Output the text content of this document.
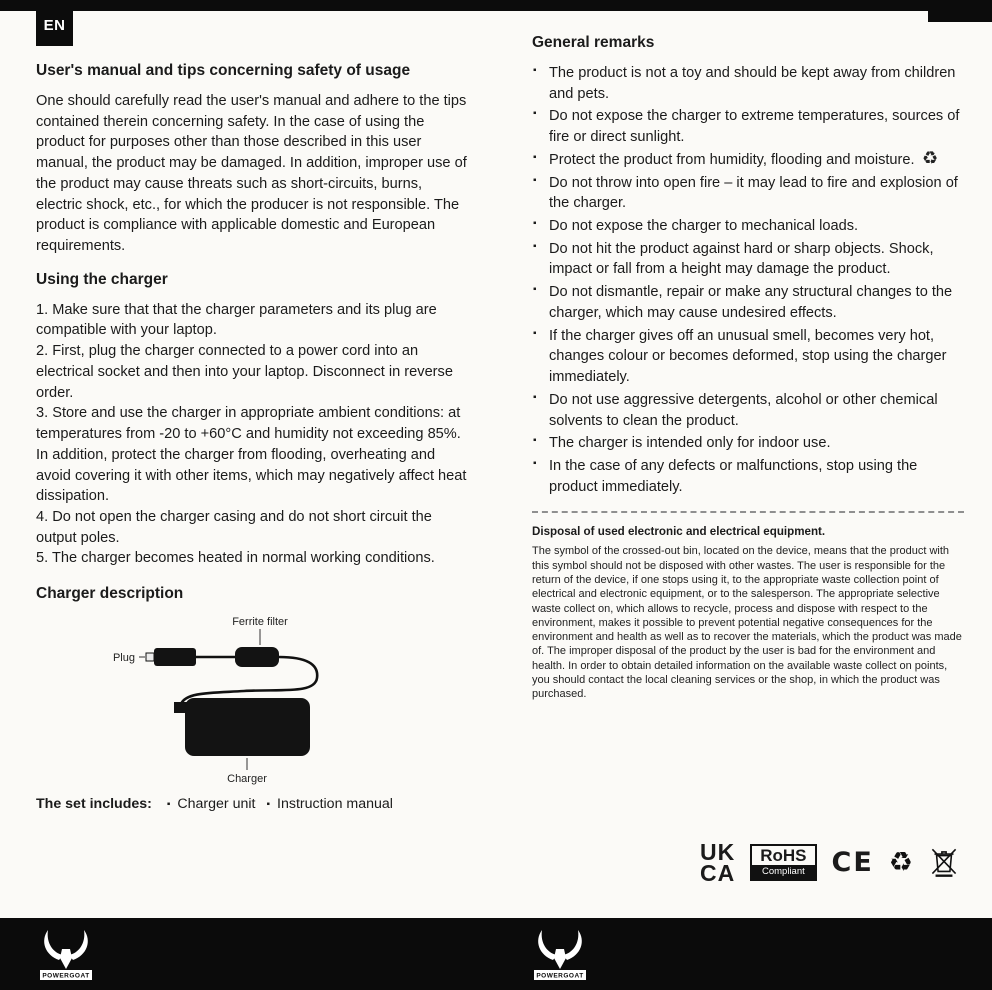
EN
♻
User's manual and tips concerning safety of usage

One should carefully read the user's manual and adhere to the tips contained therein concerning safety. In the case of using the product for purposes other than those described in this user manual, the product may be damaged. In addition, improper use of the product may cause threats such as short-circuits, burns, electric shock, etc., for which the producer is not responsible. The product is compliance with applicable domestic and European requirements.

Using the charger

1. Make sure that that the charger parameters and its plug are compatible with your laptop.

2. First, plug the charger connected to a power cord into an electrical socket and then into your laptop. Disconnect in reverse order.

3. Store and use the charger in appropriate ambient conditions: at temperatures from -20 to +60°C and humidity not exceeding 85%. In addition, protect the charger from flooding, overheating and avoid covering it with other items, which may negatively affect heat dissipation.

4. Do not open the charger casing and do not short circuit the output poles.

5. The charger becomes heated in normal working conditions.

Charger description
Ferrite filter
Plug
Charger

The set includes: ▪ Charger unit ▪ Instruction manual

General remarks
▪ The product is not a toy and should be kept away from children and pets.
▪ Do not expose the charger to extreme temperatures, sources of fire or direct sunlight.
▪ Protect the product from humidity, flooding and moisture.
▪ Do not throw into open fire – it may lead to fire and explosion of the charger.
▪ Do not expose the charger to mechanical loads.
▪ Do not hit the product against hard or sharp objects. Shock, impact or fall from a height may damage the product.
▪ Do not dismantle, repair or make any structural changes to the charger, which may cause undesired effects.
▪ If the charger gives off an unusual smell, becomes very hot, changes colour or becomes deformed, stop using the charger immediately.
▪ Do not use aggressive detergents, alcohol or other chemical solvents to clean the product.
▪ The charger is intended only for indoor use.
▪ In the case of any defects or malfunctions, stop using the product immediately.
Disposal of used electronic and electrical equipment.

The symbol of the crossed-out bin, located on the device, means that the product with this symbol should not be disposed with other wastes. The user is responsible for the return of the device, if one stops using it, to the appropriate waste collection point of electrical and electronic equipment, or to the salesperson. The appropriate selective waste collect on, which allows to recycle, process and dispose with respect to the environment, makes it possible to prevent potential negative consequences for the environment and health as well as to recover the materials, which the product was made of. The improper disposal of the product by the user is bad for the environment and health. In order to obtain detailed information on the available waste collect on points, you should contact the local cleaning services or the shop, in which the product was purchased.

UK
CA
RoHS
Compliant CE ♻
POWERGOAT	POWERGOAT
